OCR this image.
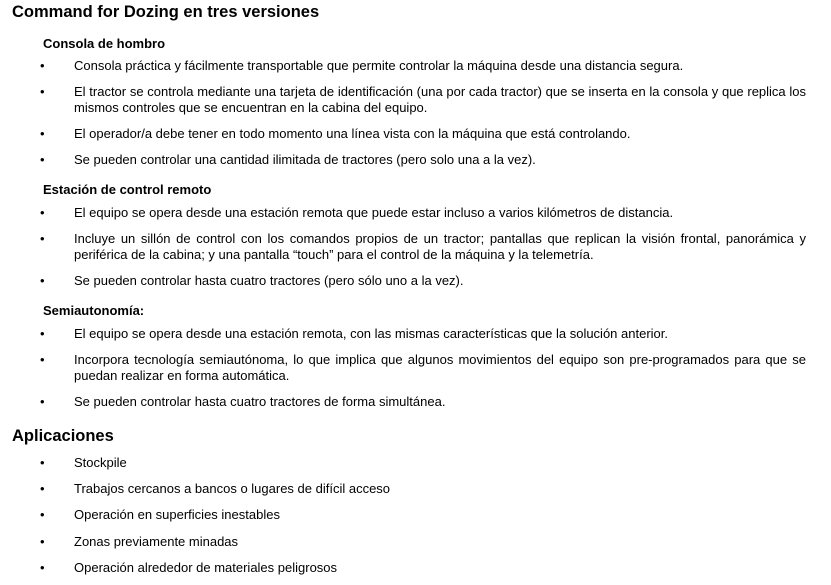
Command for Dozing en tres versiones
Consola de hombro
• Consola práctica y fácilmente transportable que permite controlar la máquina desde una distancia segura.
• El tractor se controla mediante una tarjeta de identificación (una por cada tractor) que se inserta en la consola y que replica los mismos controles que se encuentran en la cabina del equipo.
• El operador/a debe tener en todo momento una línea vista con la máquina que está controlando.
• Se pueden controlar una cantidad ilimitada de tractores (pero solo una a la vez).
Estación de control remoto
• El equipo se opera desde una estación remota que puede estar incluso a varios kilómetros de distancia.
• Incluye un sillón de control con los comandos propios de un tractor; pantallas que replican la visión frontal, panorámica y periférica de la cabina; y una pantalla “touch” para el control de la máquina y la telemetría.
• Se pueden controlar hasta cuatro tractores (pero sólo uno a la vez).
Semiautonomía:
• El equipo se opera desde una estación remota, con las mismas características que la solución anterior.
• Incorpora tecnología semiautónoma, lo que implica que algunos movimientos del equipo son pre-programados para que se puedan realizar en forma automática.
• Se pueden controlar hasta cuatro tractores de forma simultánea.
Aplicaciones
• Stockpile
• Trabajos cercanos a bancos o lugares de difícil acceso
• Operación en superficies inestables
• Zonas previamente minadas
• Operación alrededor de materiales peligrosos
